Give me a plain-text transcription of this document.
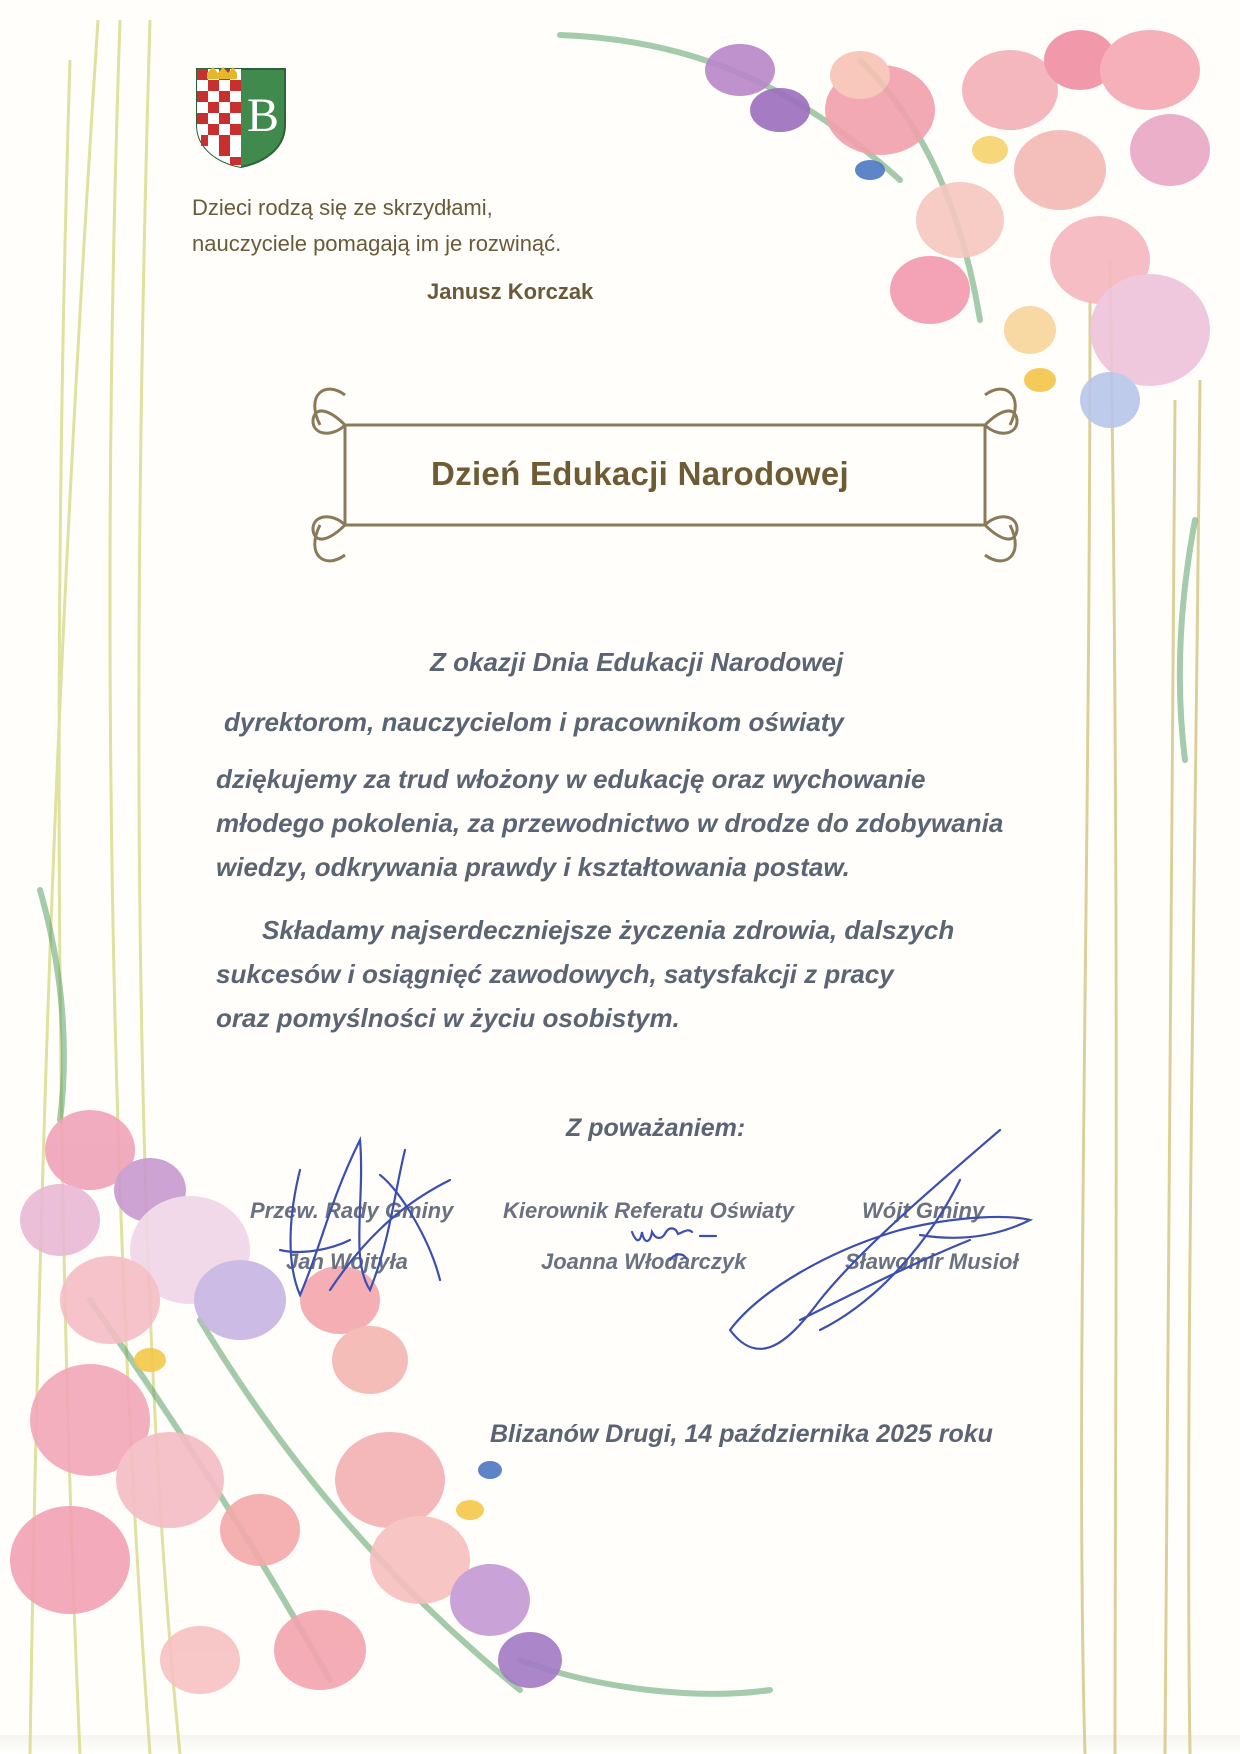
B
Dzieci rodzą się ze skrzydłami,
nauczyciele pomagają im je rozwinąć.
Janusz Korczak
Dzień Edukacji Narodowej
Z okazji Dnia Edukacji Narodowej
dyrektorom, nauczycielom i pracownikom oświaty
dziękujemy za trud włożony w edukację oraz wychowanie
młodego pokolenia, za przewodnictwo w drodze do zdobywania
wiedzy, odkrywania prawdy i kształtowania postaw.
Składamy najserdeczniejsze życzenia zdrowia, dalszych
sukcesów i osiągnięć zawodowych, satysfakcji z pracy
oraz pomyślności w życiu osobistym.
Z poważaniem:
Przew. Rady Gminy
Jan Wojtyła
Kierownik Referatu Oświaty
Joanna Włodarczyk
Wójt Gminy
Sławomir Musioł
Blizanów Drugi, 14 października 2025 roku
